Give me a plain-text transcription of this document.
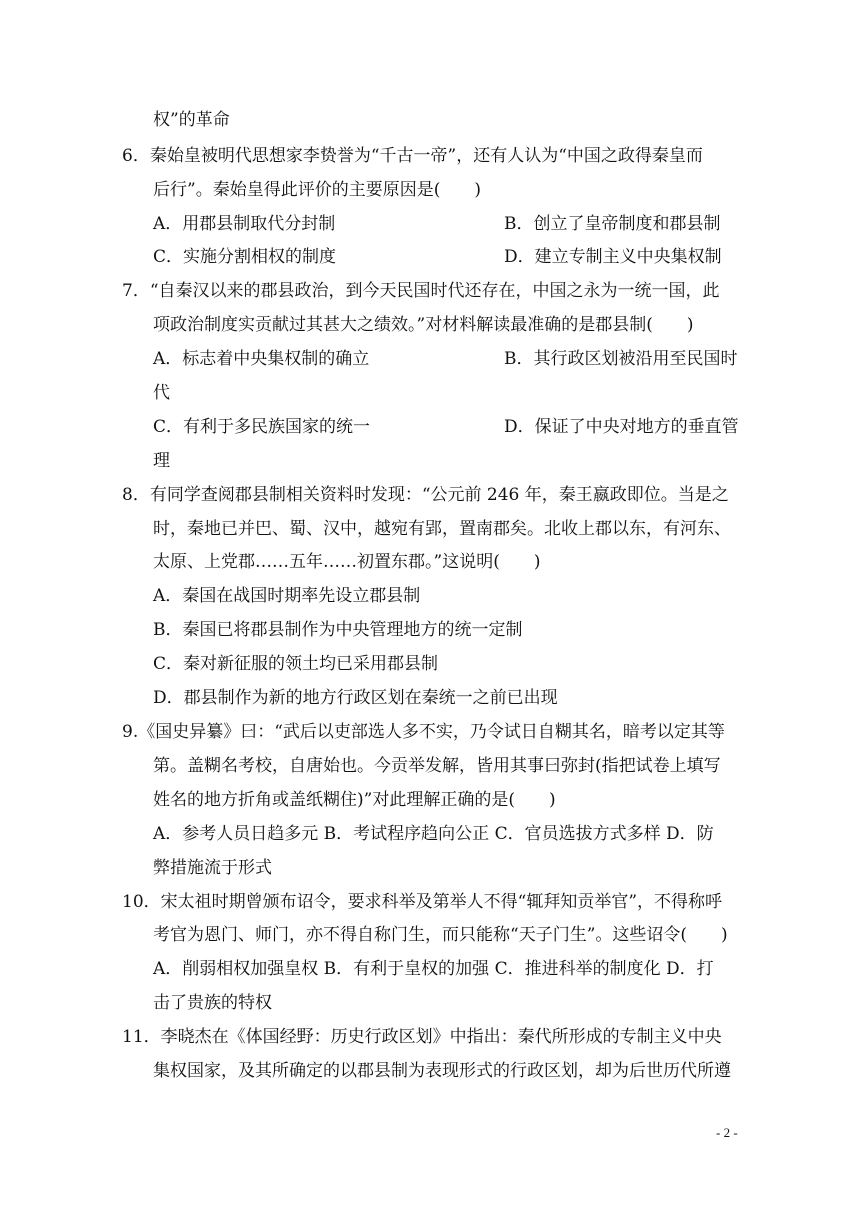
权”的革命
6．秦始皇被明代思想家李贽誉为“千古一帝”，还有人认为“中国之政得秦皇而
后行”。秦始皇得此评价的主要原因是(　　)
A．用郡县制取代分封制	B．创立了皇帝制度和郡县制
C．实施分割相权的制度	D．建立专制主义中央集权制
7．“自秦汉以来的郡县政治，到今天民国时代还存在，中国之永为一统一国，此
项政治制度实贡献过其甚大之绩效。”对材料解读最准确的是郡县制(　　)
A．标志着中央集权制的确立	B．其行政区划被沿用至民国时
代
C．有利于多民族国家的统一	D．保证了中央对地方的垂直管
理
8．有同学查阅郡县制相关资料时发现：“公元前 246 年，秦王嬴政即位。当是之
时，秦地已并巴、蜀、汉中，越宛有郢，置南郡矣。北收上郡以东，有河东、
太原、上党郡……五年……初置东郡。”这说明(　　)
A．秦国在战国时期率先设立郡县制
B．秦国已将郡县制作为中央管理地方的统一定制
C．秦对新征服的领土均已采用郡县制
D．郡县制作为新的地方行政区划在秦统一之前已出现
9.《国史异纂》曰：“武后以吏部选人多不实，乃令试日自糊其名，暗考以定其等
第。盖糊名考校，自唐始也。今贡举发解，皆用其事曰弥封(指把试卷上填写
姓名的地方折角或盖纸糊住)”对此理解正确的是(　　)
A．参考人员日趋多元 B．考试程序趋向公正 C．官员选拔方式多样 D．防
弊措施流于形式
10．宋太祖时期曾颁布诏令，要求科举及第举人不得“辄拜知贡举官”，不得称呼
考官为恩门、师门，亦不得自称门生，而只能称“天子门生”。这些诏令(　　)
A．削弱相权加强皇权 B．有利于皇权的加强 C．推进科举的制度化 D．打
击了贵族的特权
11．李晓杰在《体国经野：历史行政区划》中指出：秦代所形成的专制主义中央
集权国家，及其所确定的以郡县制为表现形式的行政区划，却为后世历代所遵
- 2 -
